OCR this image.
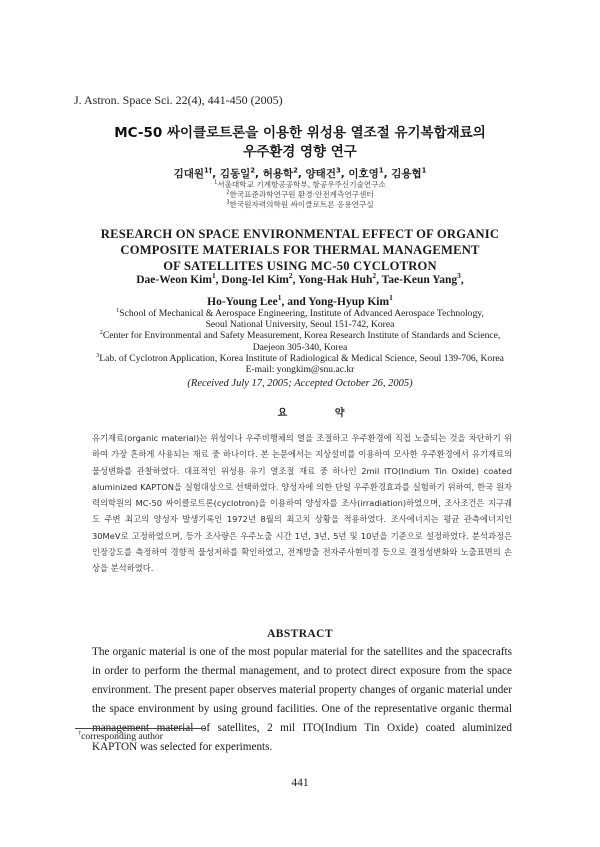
J. Astron. Space Sci. 22(4), 441-450 (2005)
MC-50 싸이클로트론을 이용한 위성용 열조절 유기복합재료의
우주환경 영향 연구
김대원$^{1\dagger}$, 김동일$^2$, 허용학$^2$, 양태건$^3$, 이호영$^1$, 김용협$^1$
$^1$서울대학교 기계항공공학부, 항공우주신기술연구소
$^2$한국표준과학연구원 환경·안전계측연구센터
$^3$한국원자력의학원 싸이클로트론 응용연구실
RESEARCH ON SPACE ENVIRONMENTAL EFFECT OF ORGANIC
COMPOSITE MATERIALS FOR THERMAL MANAGEMENT
OF SATELLITES USING MC-50 CYCLOTRON
Dae-Weon Kim$^1$, Dong-Iel Kim$^2$, Yong-Hak Huh$^2$, Tae-Keun Yang$^3$,
Ho-Young Lee$^1$, and Yong-Hyup Kim$^1$
$^1$School of Mechanical & Aerospace Engineering, Institute of Advanced Aerospace Technology,
Seoul National University, Seoul 151-742, Korea
$^2$Center for Environmental and Safety Measurement, Korea Research Institute of Standards and Science,
Daejeon 305-340, Korea
$^3$Lab. of Cyclotron Application, Korea Institute of Radiological & Medical Science, Seoul 139-706, Korea
E-mail: yongkim@snu.ac.kr
(Received July 17, 2005; Accepted October 26, 2005)
요 약
유기재료(organic material)는 위성이나 우주비행체의 열을 조절하고 우주환경에 직접 노출되는 것을 차단하기 위하여 가장 흔하게 사용되는 재료 중 하나이다. 본 논문에서는 지상설비를 이용하여 모사한 우주환경에서 유기재료의 물성변화를 관찰하였다. 대표적인 위성용 유기 열조절 재료 중 하나인 2mil ITO(Indium Tin Oxide) coated aluminized KAPTON을 실험대상으로 선택하였다. 양성자에 의한 단일 우주환경효과를 실험하기 위하여, 한국 원자력의학원의 MC-50 싸이클로트론(cyclotron)을 이용하여 양성자를 조사(irradiation)하였으며, 조사조건은 지구궤도 주변 최고의 양성자 발생기록인 1972년 8월의 최고치 상황을 적용하였다. 조사에너지는 평균 관측에너지인 30MeV로 고정하였으며, 등가 조사량은 우주노출 시간 1년, 3년, 5년 및 10년을 기준으로 설정하였다. 분석과정은 인장강도를 측정하여 경향적 물성저하를 확인하였고, 전계방출 전자주사현미경 등으로 결정성변화와 노출표면의 손상을 분석하였다.
ABSTRACT
The organic material is one of the most popular material for the satellites and the spacecrafts in order to perform the thermal management, and to protect direct exposure from the space environment. The present paper observes material property changes of organic material under the space environment by using ground facilities. One of the representative organic thermal management material of satellites, 2 mil ITO(Indium Tin Oxide) coated aluminized KAPTON was selected for experiments.
†corresponding author
441
